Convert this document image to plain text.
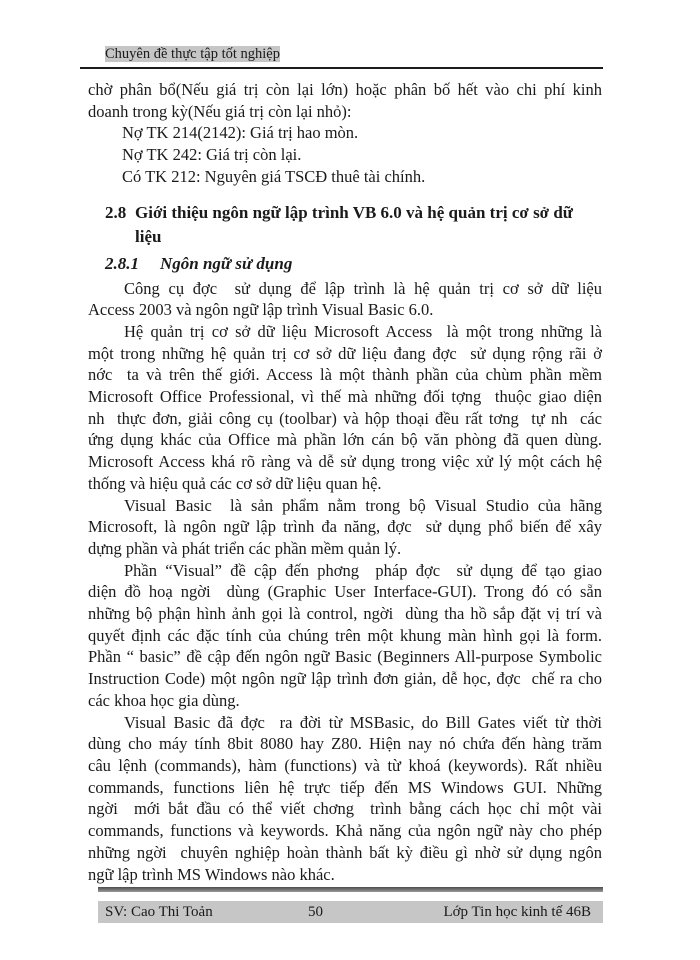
Chuyên đề thực tập tốt nghiệp
chờ phân bổ(Nếu giá trị còn lại lớn) hoặc phân bố hết vào chi phí kinh
doanh trong kỳ(Nếu giá trị còn lại nhỏ):
Nợ TK 214(2142): Giá trị hao mòn.
Nợ TK 242: Giá trị còn lại.
Có TK 212: Nguyên giá TSCĐ thuê tài chính.
2.8 Giới thiệu ngôn ngữ lập trình VB 6.0 và hệ quản trị cơ sở dữ liệu
2.8.1	Ngôn ngữ sử dụng
Công cụ đợc  sử dụng để lập trình là hệ quản trị cơ sở dữ liệu
Access 2003 và ngôn ngữ lập trình Visual Basic 6.0.
Hệ quản trị cơ sở dữ liệu Microsoft Access  là một trong những là
một trong những hệ quản trị cơ sở dữ liệu đang đợc  sử dụng rộng rãi ở
nớc  ta và trên thế giới. Access là một thành phần của chùm phần mềm
Microsoft Office Professional, vì thế mà những đối tợng  thuộc giao diện
nh  thực đơn, giải công cụ (toolbar) và hộp thoại đều rất tơng  tự nh  các
ứng dụng khác của Office mà phần lớn cán bộ văn phòng đã quen dùng.
Microsoft Access khá rõ ràng và dễ sử dụng trong việc xử lý một cách hệ
thống và hiệu quả các cơ sở dữ liệu quan hệ.
Visual Basic  là sản phẩm nằm trong bộ Visual Studio của hãng
Microsoft, là ngôn ngữ lập trình đa năng, đợc  sử dụng phổ biến để xây
dựng phần và phát triển các phần mềm quản lý.
Phần “Visual” đề cập đến phơng  pháp đợc  sử dụng để tạo giao
diện đồ hoạ ngời  dùng (Graphic User Interface-GUI). Trong đó có sẵn
những bộ phận hình ảnh gọi là control, ngời  dùng tha hồ sắp đặt vị trí và
quyết định các đặc tính của chúng trên một khung màn hình gọi là form.
Phần “ basic” đề cập đến ngôn ngữ Basic (Beginners All-purpose Symbolic
Instruction Code) một ngôn ngữ lập trình đơn giản, dễ học, đợc  chế ra cho
các khoa học gia dùng.
Visual Basic đã đợc  ra đời từ MSBasic, do Bill Gates viết từ thời
dùng cho máy tính 8bit 8080 hay Z80. Hiện nay nó chứa đến hàng trăm
câu lệnh (commands), hàm (functions) và từ khoá (keywords). Rất nhiều
commands, functions liên hệ trực tiếp đến MS Windows GUI. Những
ngời  mới bắt đầu có thể viết chơng  trình bằng cách học chỉ một vài
commands, functions và keywords. Khả năng của ngôn ngữ này cho phép
những ngời  chuyên nghiệp hoàn thành bất kỳ điều gì nhờ sử dụng ngôn
ngữ lập trình MS Windows nào khác.
SV: Cao Thi Toản	50	Lớp Tin học kinh tế 46B
